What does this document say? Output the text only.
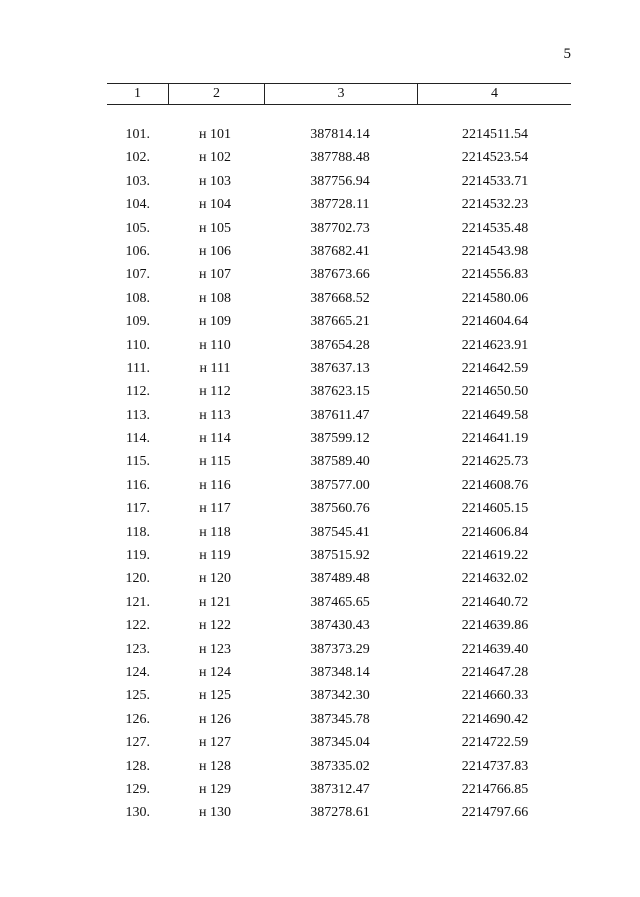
5
1	2	3	4
101.	н 101	387814.14	2214511.54
102.	н 102	387788.48	2214523.54
103.	н 103	387756.94	2214533.71
104.	н 104	387728.11	2214532.23
105.	н 105	387702.73	2214535.48
106.	н 106	387682.41	2214543.98
107.	н 107	387673.66	2214556.83
108.	н 108	387668.52	2214580.06
109.	н 109	387665.21	2214604.64
110.	н 110	387654.28	2214623.91
111.	н 111	387637.13	2214642.59
112.	н 112	387623.15	2214650.50
113.	н 113	387611.47	2214649.58
114.	н 114	387599.12	2214641.19
115.	н 115	387589.40	2214625.73
116.	н 116	387577.00	2214608.76
117.	н 117	387560.76	2214605.15
118.	н 118	387545.41	2214606.84
119.	н 119	387515.92	2214619.22
120.	н 120	387489.48	2214632.02
121.	н 121	387465.65	2214640.72
122.	н 122	387430.43	2214639.86
123.	н 123	387373.29	2214639.40
124.	н 124	387348.14	2214647.28
125.	н 125	387342.30	2214660.33
126.	н 126	387345.78	2214690.42
127.	н 127	387345.04	2214722.59
128.	н 128	387335.02	2214737.83
129.	н 129	387312.47	2214766.85
130.	н 130	387278.61	2214797.66
